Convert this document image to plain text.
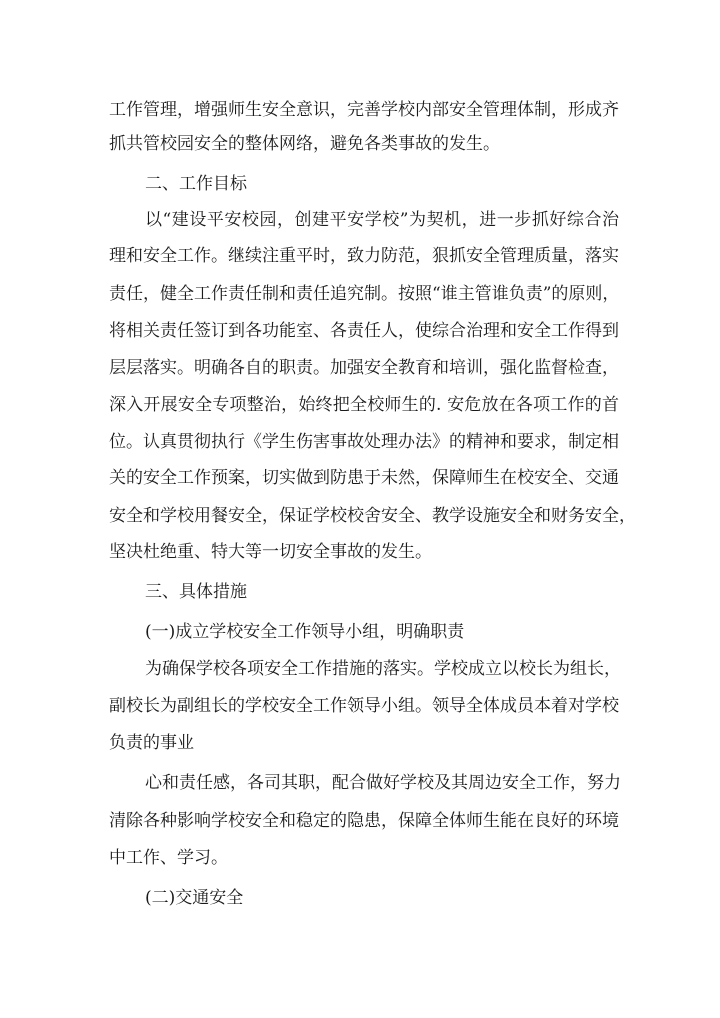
工作管理，增强师生安全意识，完善学校内部安全管理体制，形成齐
抓共管校园安全的整体网络，避免各类事故的发生。
二、工作目标
以“建设平安校园，创建平安学校”为契机，进一步抓好综合治
理和安全工作。继续注重平时，致力防范，狠抓安全管理质量，落实
责任，健全工作责任制和责任追究制。按照“谁主管谁负责”的原则，
将相关责任签订到各功能室、各责任人，使综合治理和安全工作得到
层层落实。明确各自的职责。加强安全教育和培训，强化监督检查，
深入开展安全专项整治，始终把全校师生的. 安危放在各项工作的首
位。认真贯彻执行《学生伤害事故处理办法》的精神和要求，制定相
关的安全工作预案，切实做到防患于未然，保障师生在校安全、交通
安全和学校用餐安全，保证学校校舍安全、教学设施安全和财务安全，
坚决杜绝重、特大等一切安全事故的发生。
三、具体措施
(一)成立学校安全工作领导小组，明确职责
为确保学校各项安全工作措施的落实。学校成立以校长为组长，
副校长为副组长的学校安全工作领导小组。领导全体成员本着对学校
负责的事业
心和责任感，各司其职，配合做好学校及其周边安全工作，努力
清除各种影响学校安全和稳定的隐患，保障全体师生能在良好的环境
中工作、学习。
(二)交通安全
